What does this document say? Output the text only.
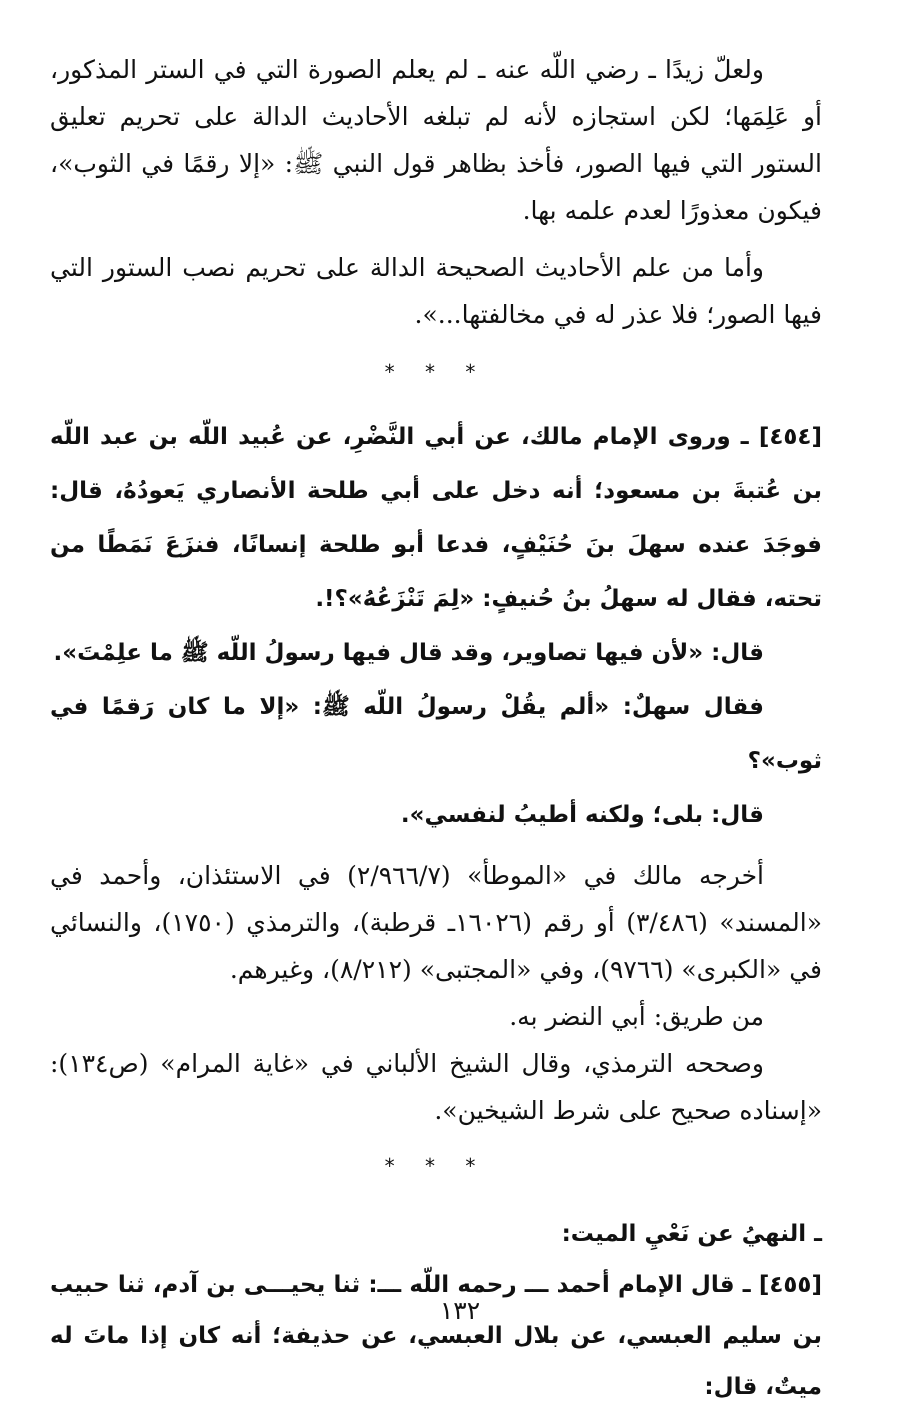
ولعلّ زيدًا ـ رضي اللّه عنه ـ لم يعلم الصورة التي في الستر المذكور، أو عَلِمَها؛ لكن استجازه لأنه لم تبلغه الأحاديث الدالة على تحريم تعليق الستور التي فيها الصور، فأخذ بظاهر قول النبي ﷺ: «إلا رقمًا في الثوب»، فيكون معذورًا لعدم علمه بها.

وأما من علم الأحاديث الصحيحة الدالة على تحريم نصب الستور التي فيها الصور؛ فلا عذر له في مخالفتها...».

* * *

[٤٥٤] ـ وروى الإمام مالك، عن أبي النَّضْرِ، عن عُبيد اللّه بن عبد اللّه بن عُتبةَ بن مسعود؛ أنه دخل على أبي طلحة الأنصاري يَعودُهُ، قال: فوجَدَ عنده سهلَ بنَ حُنَيْفٍ، فدعا أبو طلحة إنسانًا، فنزَعَ نَمَطًا من تحته، فقال له سهلُ بنُ حُنيفٍ: «لِمَ تَنْزَعُهُ»؟!.

قال: «لأن فيها تصاوير، وقد قال فيها رسولُ اللّه ﷺ ما علِمْتَ».

فقال سهلٌ: «ألم يقُلْ رسولُ اللّه ﷺ: «إلا ما كان رَقمًا في ثوب»؟

قال: بلى؛ ولكنه أطيبُ لنفسي».

أخرجه مالك في «الموطأ» (٢/٩٦٦/٧) في الاستئذان، وأحمد في «المسند» (٣/٤٨٦) أو رقم (١٦٠٢٦ـ قرطبة)، والترمذي (١٧٥٠)، والنسائي في «الكبرى» (٩٧٦٦)، وفي «المجتبى» (٨/٢١٢)، وغيرهم.

من طريق: أبي النضر به.

وصححه الترمذي، وقال الشيخ الألباني في «غاية المرام» (ص١٣٤): «إسناده صحيح على شرط الشيخين».

* * *

ـ النهيُ عن نَعْيِ الميت:

[٤٥٥] ـ قال الإمام أحمد ـــ رحمه اللّه ـــ: ثنا يحيـــى بن آدم، ثنا حبيب بن سليم العبسي، عن بلال العبسي، عن حذيفة؛ أنه كان إذا ماتَ له ميتٌ، قال:

١٣٢
